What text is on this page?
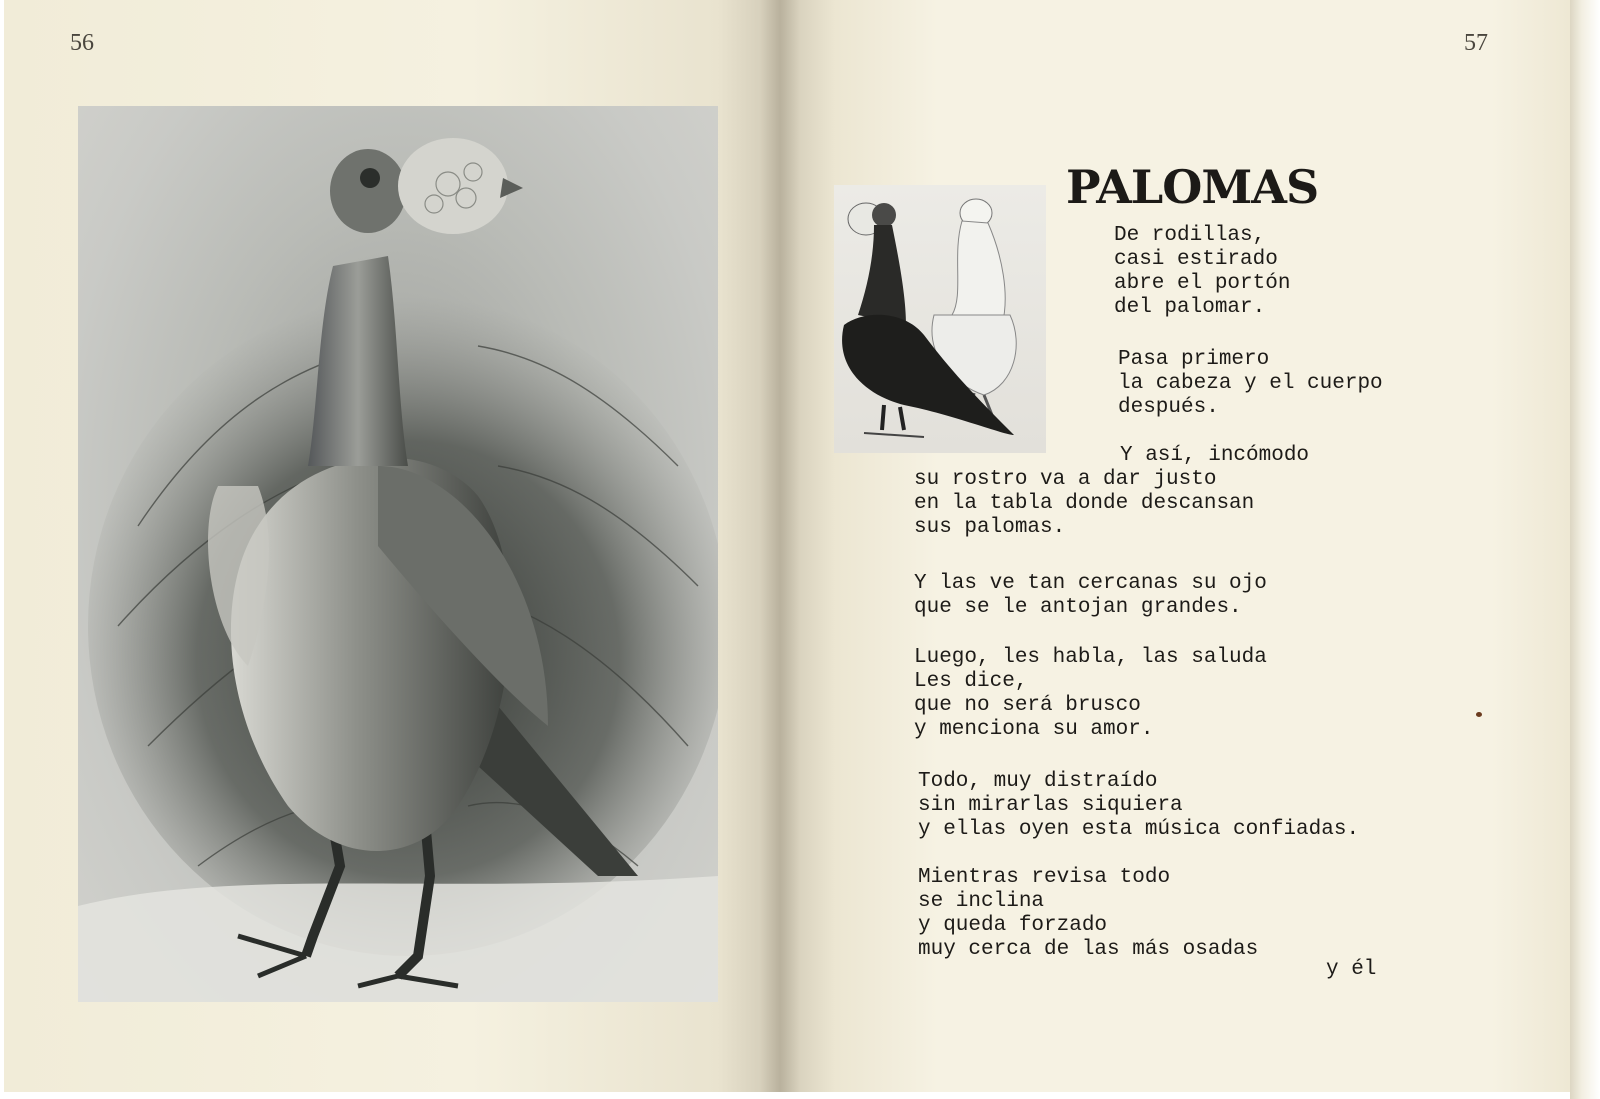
56	57
PALOMAS

De rodillas,
casi estirado
abre el portón
del palomar.

Pasa primero
la cabeza y el cuerpo
después.

Y así, incómodo
su rostro va a dar justo
en la tabla donde descansan
sus palomas.

Y las ve tan cercanas su ojo
que se le antojan grandes.

Luego, les habla, las saluda
Les dice,
que no será brusco
y menciona su amor.

Todo, muy distraído
sin mirarlas siquiera
y ellas oyen esta música confiadas.

Mientras revisa todo
se inclina
y queda forzado
muy cerca de las más osadas

y él
